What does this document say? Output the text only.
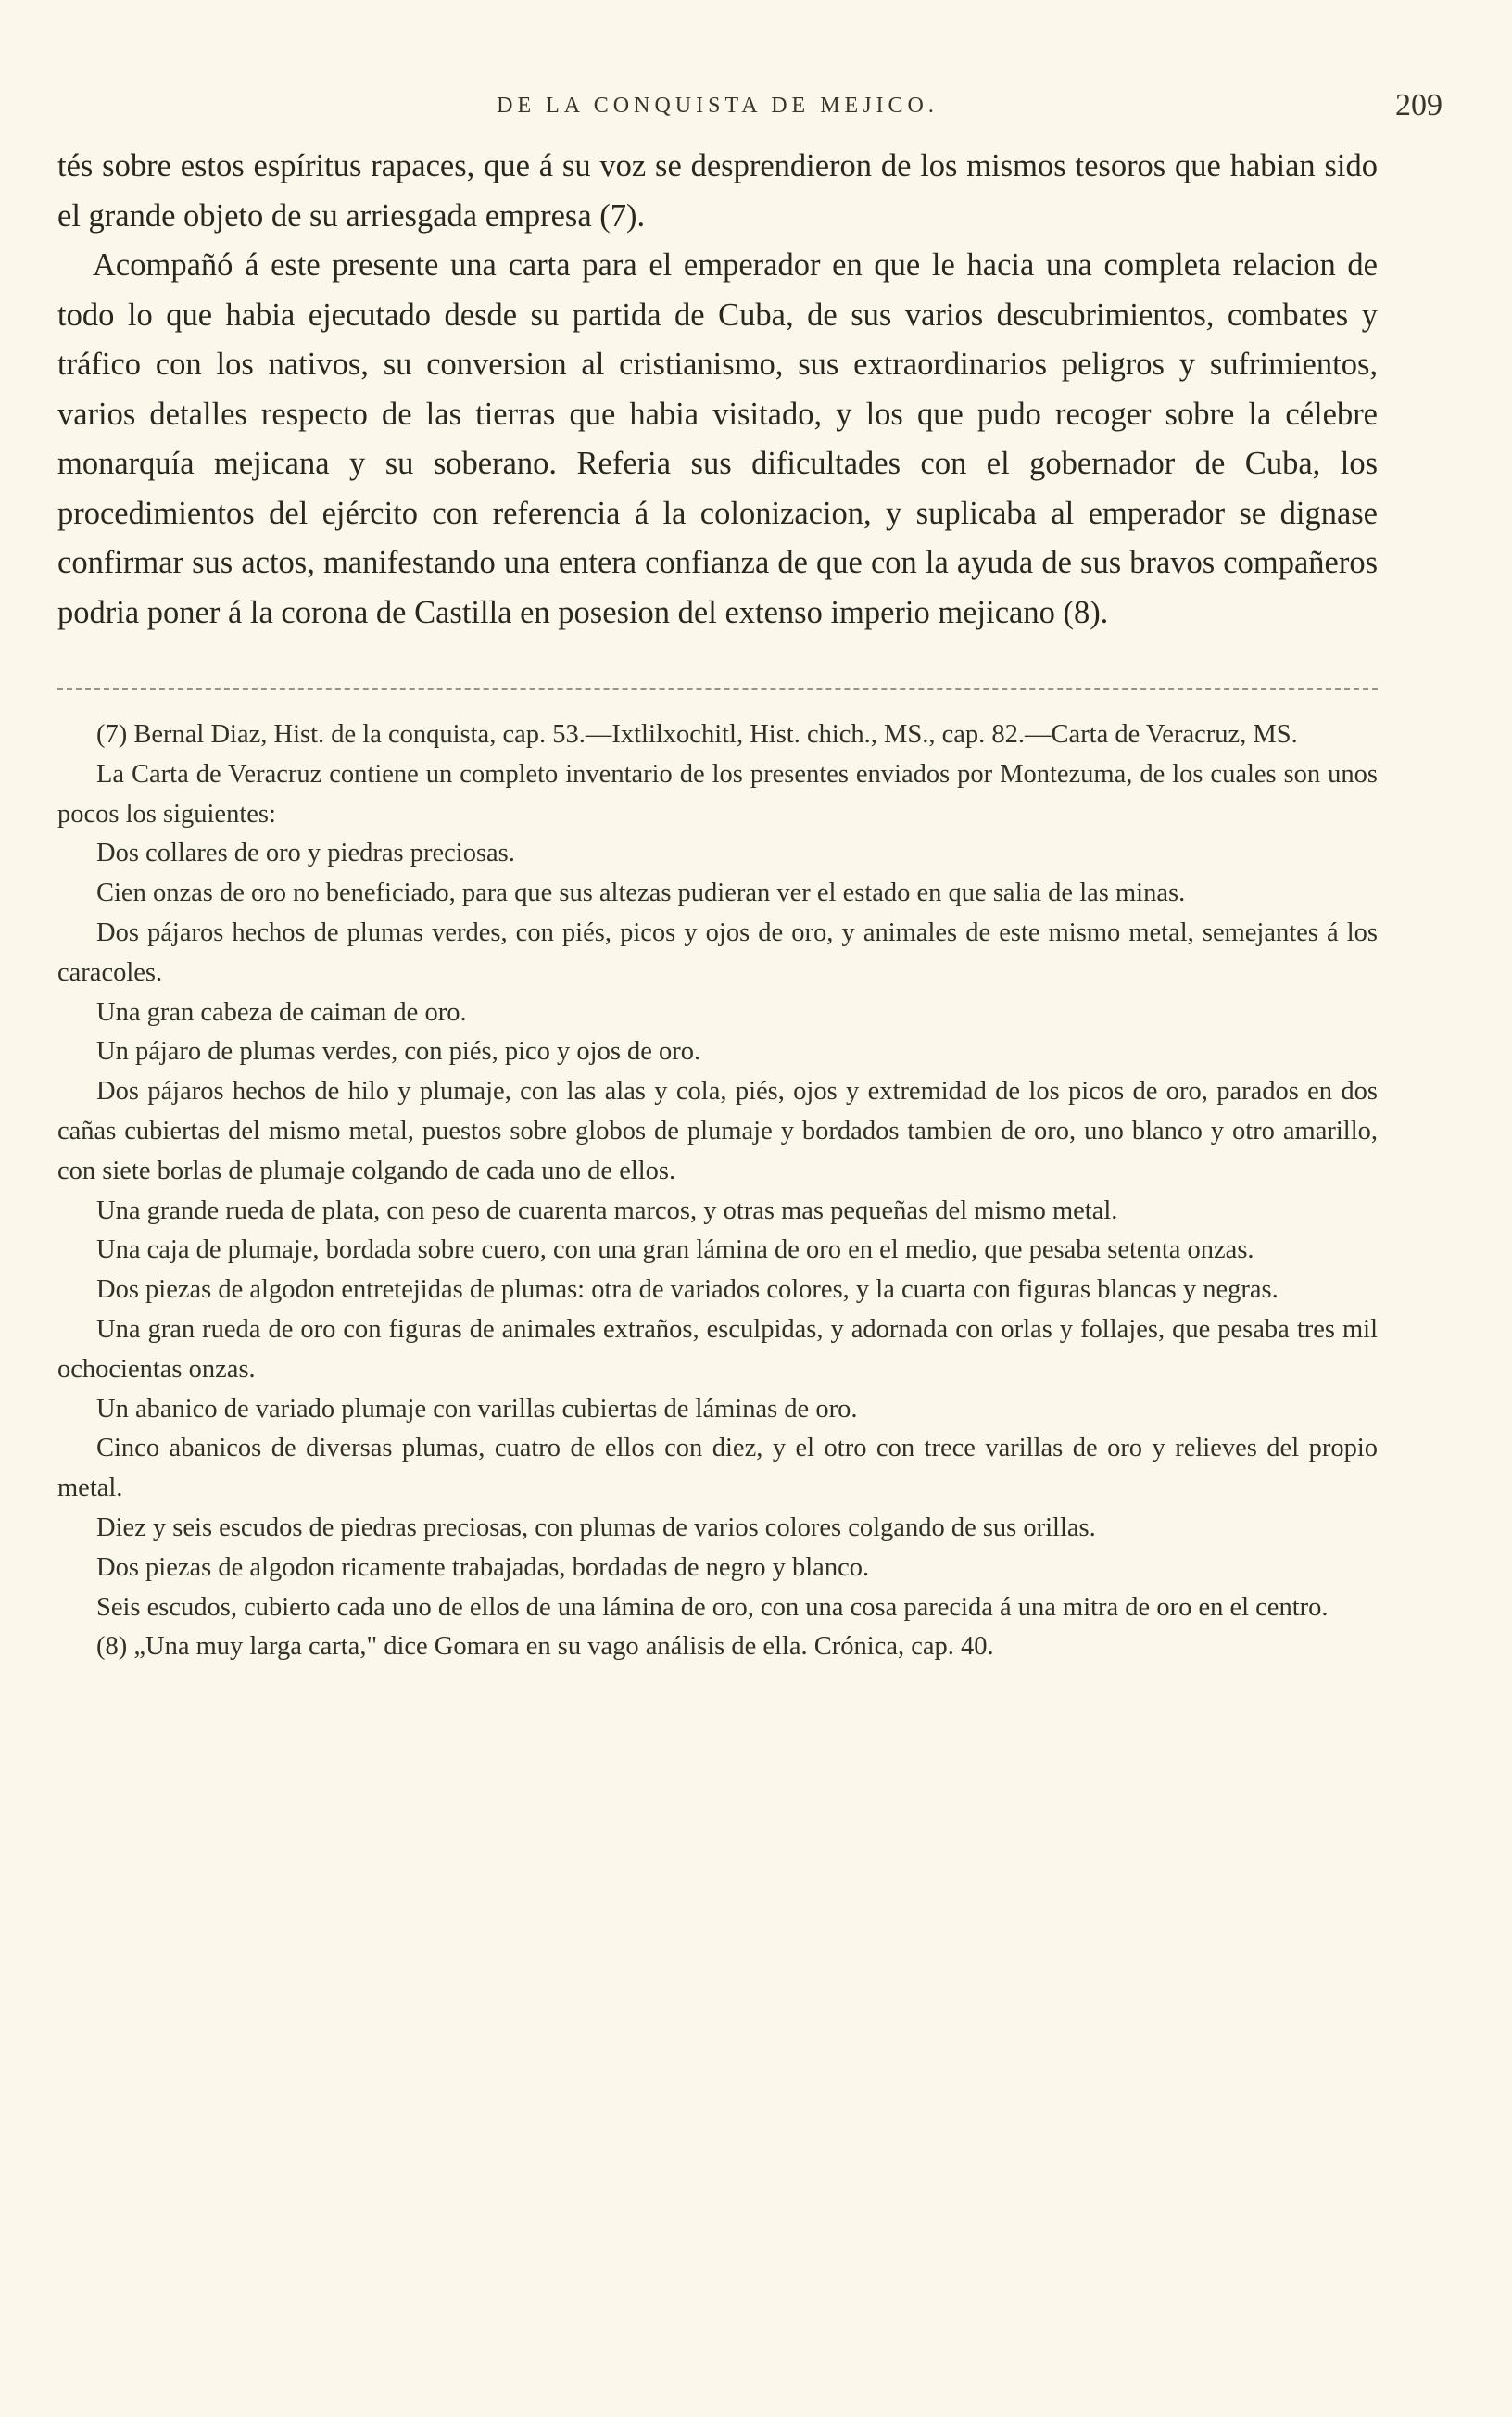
DE LA CONQUISTA DE MEJICO.	209

tés sobre estos espíritus rapaces, que á su voz se desprendieron de los mismos tesoros que habian sido el grande objeto de su arriesgada empresa (7).

Acompañó á este presente una carta para el emperador en que le hacia una completa relacion de todo lo que habia ejecutado desde su partida de Cuba, de sus varios descubrimientos, combates y tráfico con los nativos, su conversion al cristianismo, sus extraordinarios peligros y sufrimientos, varios detalles respecto de las tierras que habia visitado, y los que pudo recoger sobre la célebre monarquía mejicana y su soberano. Referia sus dificultades con el gobernador de Cuba, los procedimientos del ejército con referencia á la colonizacion, y suplicaba al emperador se dignase confirmar sus actos, manifestando una entera confianza de que con la ayuda de sus bravos compañeros podria poner á la corona de Castilla en posesion del extenso imperio mejicano (8).

(7) Bernal Diaz, Hist. de la conquista, cap. 53.—Ixtlilxochitl, Hist. chich., MS., cap. 82.—Carta de Veracruz, MS.

La Carta de Veracruz contiene un completo inventario de los presentes enviados por Montezuma, de los cuales son unos pocos los siguientes:

Dos collares de oro y piedras preciosas.

Cien onzas de oro no beneficiado, para que sus altezas pudieran ver el estado en que salia de las minas.

Dos pájaros hechos de plumas verdes, con piés, picos y ojos de oro, y animales de este mismo metal, semejantes á los caracoles.

Una gran cabeza de caiman de oro.

Un pájaro de plumas verdes, con piés, pico y ojos de oro.

Dos pájaros hechos de hilo y plumaje, con las alas y cola, piés, ojos y extremidad de los picos de oro, parados en dos cañas cubiertas del mismo metal, puestos sobre globos de plumaje y bordados tambien de oro, uno blanco y otro amarillo, con siete borlas de plumaje colgando de cada uno de ellos.

Una grande rueda de plata, con peso de cuarenta marcos, y otras mas pequeñas del mismo metal.

Una caja de plumaje, bordada sobre cuero, con una gran lámina de oro en el medio, que pesaba setenta onzas.

Dos piezas de algodon entretejidas de plumas: otra de variados colores, y la cuarta con figuras blancas y negras.

Una gran rueda de oro con figuras de animales extraños, esculpidas, y adornada con orlas y follajes, que pesaba tres mil ochocientas onzas.

Un abanico de variado plumaje con varillas cubiertas de láminas de oro.

Cinco abanicos de diversas plumas, cuatro de ellos con diez, y el otro con trece varillas de oro y relieves del propio metal.

Diez y seis escudos de piedras preciosas, con plumas de varios colores colgando de sus orillas.

Dos piezas de algodon ricamente trabajadas, bordadas de negro y blanco.

Seis escudos, cubierto cada uno de ellos de una lámina de oro, con una cosa parecida á una mitra de oro en el centro.

(8) „Una muy larga carta," dice Gomara en su vago análisis de ella. Crónica, cap. 40.
